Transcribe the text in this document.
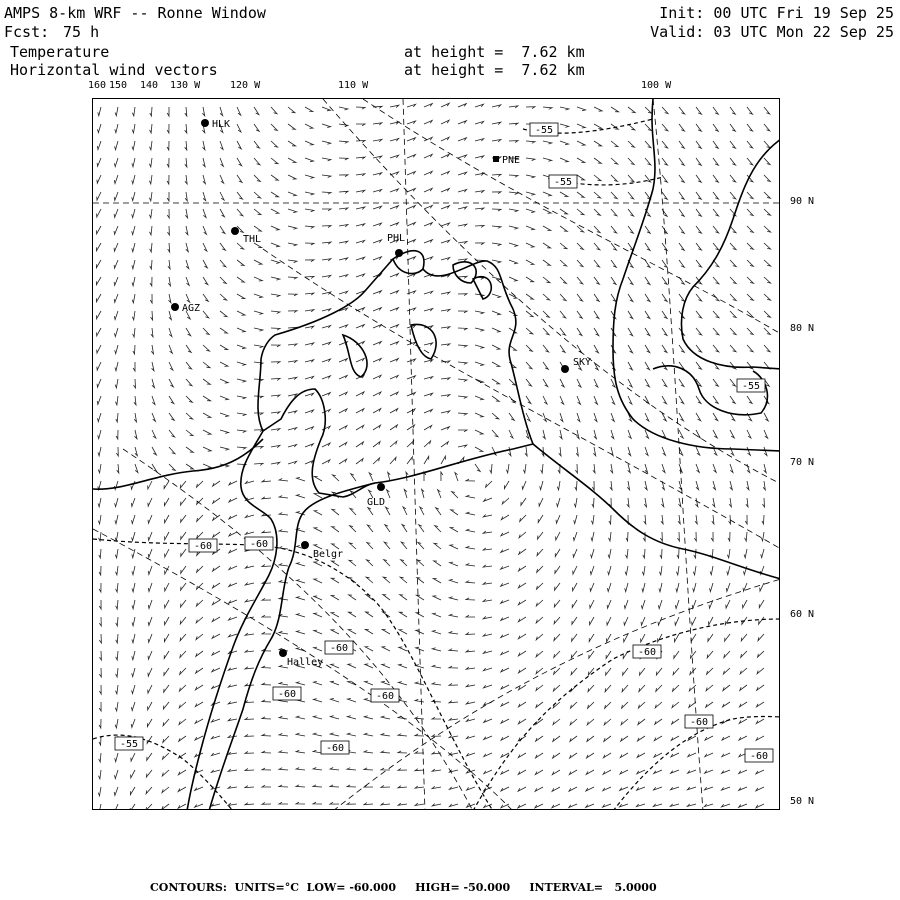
AMPS 8-km WRF -- Ronne Window
Fcst: 75 h
Init: 00 UTC Fri 19 Sep 25
Valid: 03 UTC Mon 22 Sep 25
Temperature	at height =  7.62 km
Horizontal wind vectors	at height =  7.62 km
160 150 140 130 W	120 W	110 W	100 W
90 N
80 N
70 N
60 N
50 N
-55
-55
-55
-55
-60	-60
-60
-60
-60
-60
-60
-60
-60
HLK
PNE
PHL
THL
AGZ
SKY
GLD
Belgr
Halley
CONTOURS:  UNITS=°C  LOW= -60.000     HIGH= -50.000     INTERVAL=   5.0000
